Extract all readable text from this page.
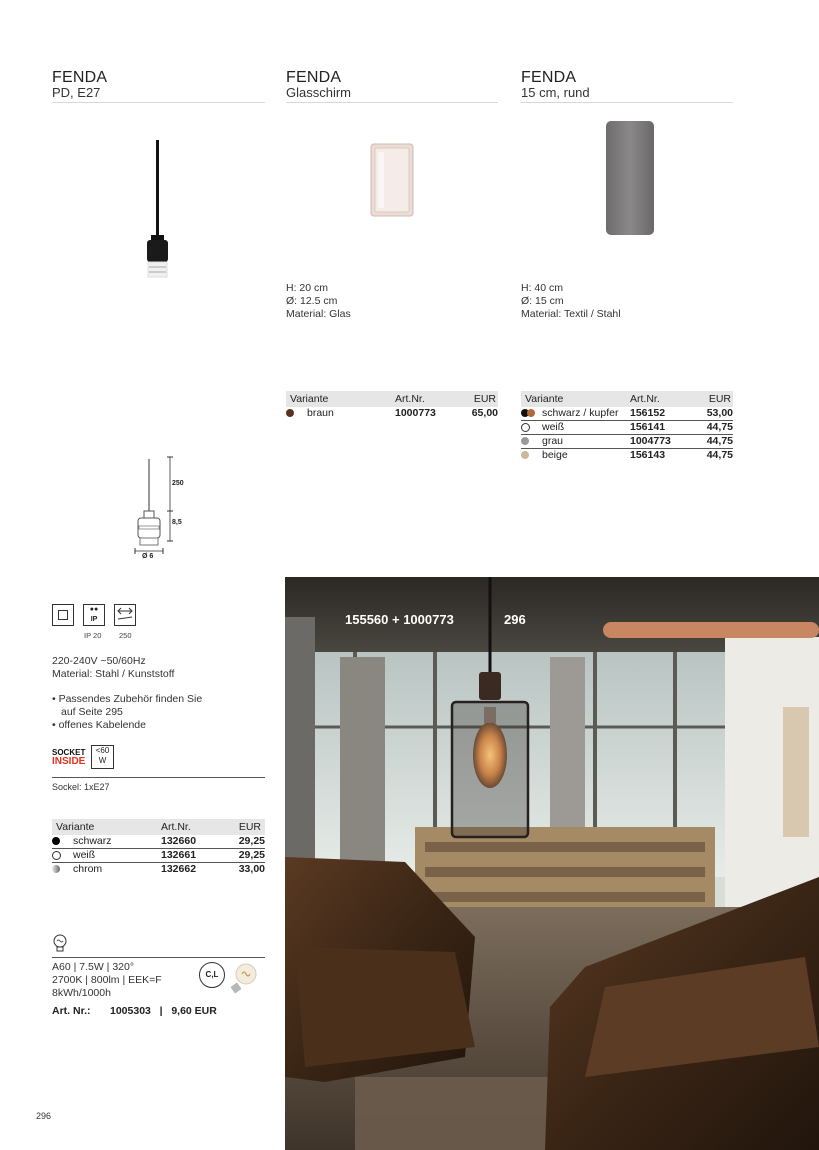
FENDA
PD, E27
FENDA
Glasschirm
FENDA
15 cm, rund
H: 20 cm
Ø: 12.5 cm
Material: Glas
H: 40 cm
Ø: 15 cm
Material: Textil / Stahl
Variante	Art.Nr.	EUR
braun	1000773	65,00
Variante	Art.Nr.	EUR
schwarz / kupfer 156152	53,00
weiß	156141	44,75
grau	1004773	44,75
beige	156143	44,75
250
8,5
Ø 6
●●
IP
IP 20 250
220-240V ~50/60Hz
Material: Stahl / Kunststoff
• Passendes Zubehör finden Sie
auf Seite 295
• offenes Kabelende
SOCKET
INSIDE
<60
W
Sockel: 1xE27
Variante	Art.Nr.	EUR
schwarz	132660	29,25
weiß	132661	29,25
chrom	132662	33,00
A60 | 7.5W | 320°
2700K | 800lm | EEK=F
8kWh/1000h
C,L
Art. Nr.: 1005303   |   9,60 EUR
296
155560 + 1000773	296
